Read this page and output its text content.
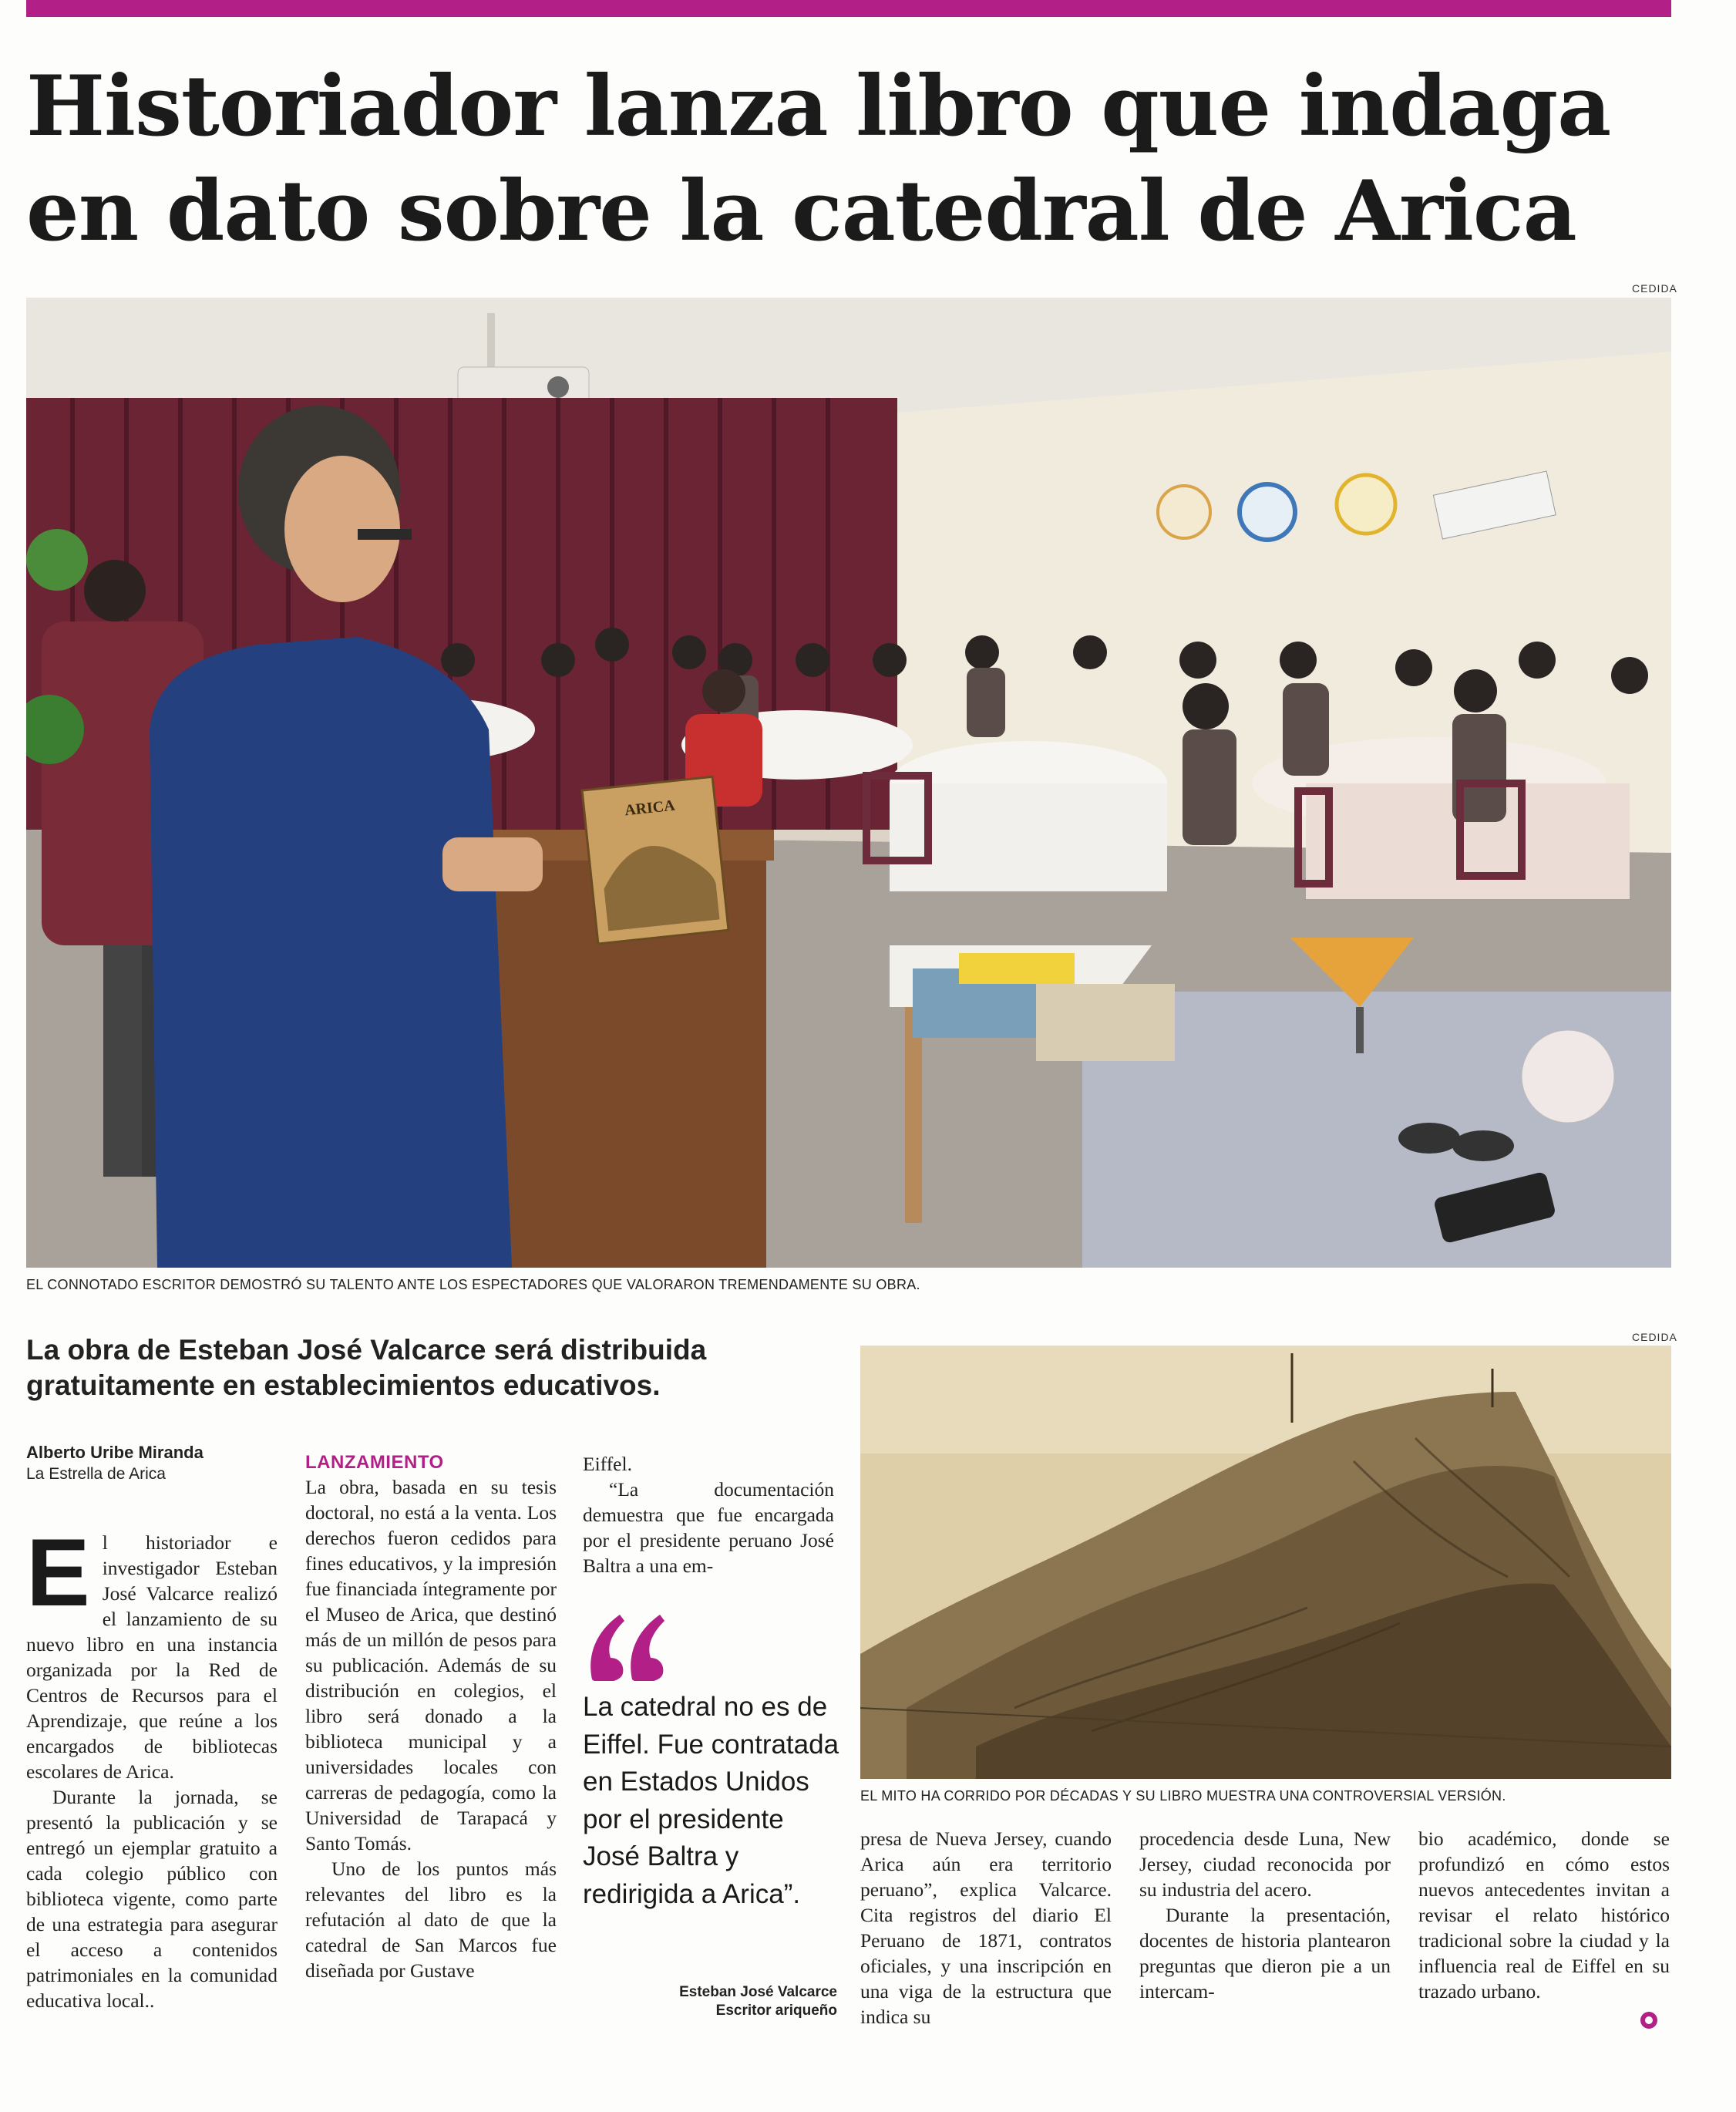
Historiador lanza libro que indaga
en dato sobre la catedral de Arica
CEDIDA
ARICA
EL CONNOTADO ESCRITOR DEMOSTRÓ SU TALENTO ANTE LOS ESPECTADORES QUE VALORARON TREMENDAMENTE SU OBRA.
La obra de Esteban José Valcarce será distribuida gratuitamente en establecimientos educativos.
Alberto Uribe Miranda
La Estrella de Arica

El historiador e investigador Esteban José Valcarce realizó el lanzamiento de su nuevo libro en una instancia organizada por la Red de Centros de Recursos para el Aprendizaje, que reúne a los encargados de bibliotecas escolares de Arica.

Durante la jornada, se presentó la publicación y se entregó un ejemplar gratuito a cada colegio público con biblioteca vigente, como parte de una estrategia para asegurar el acceso a contenidos patrimoniales en la comunidad educativa local..

LANZAMIENTO

La obra, basada en su tesis doctoral, no está a la venta. Los derechos fueron cedidos para fines educativos, y la impresión fue financiada íntegramente por el Museo de Arica, que destinó más de un millón de pesos para su publicación. Además de su distribución en colegios, el libro será donado a la biblioteca municipal y a universidades locales con carreras de pedagogía, como la Universidad de Tarapacá y Santo Tomás.

Uno de los puntos más relevantes del libro es la refutación al dato de que la catedral de San Marcos fue diseñada por Gustave

Eiffel.

“La documentación demuestra que fue encargada por el presidente peruano José Baltra a una em-

La catedral no es de Eiffel. Fue contratada en Estados Unidos por el presidente José Baltra y redirigida a Arica”.
Esteban José Valcarce
Escritor ariqueño
CEDIDA
EL MITO HA CORRIDO POR DÉCADAS Y SU LIBRO MUESTRA UNA CONTROVERSIAL VERSIÓN.

presa de Nueva Jersey, cuando Arica aún era territorio peruano”, explica Valcarce. Cita registros del diario El Peruano de 1871, contratos oficiales, y una inscripción en una viga de la estructura que indica su

procedencia desde Luna, New Jersey, ciudad reconocida por su industria del acero.

Durante la presentación, docentes de historia plantearon preguntas que dieron pie a un intercam-

bio académico, donde se profundizó en cómo estos nuevos antecedentes invitan a revisar el relato histórico tradicional sobre la ciudad y la influencia real de Eiffel en su trazado urbano.
